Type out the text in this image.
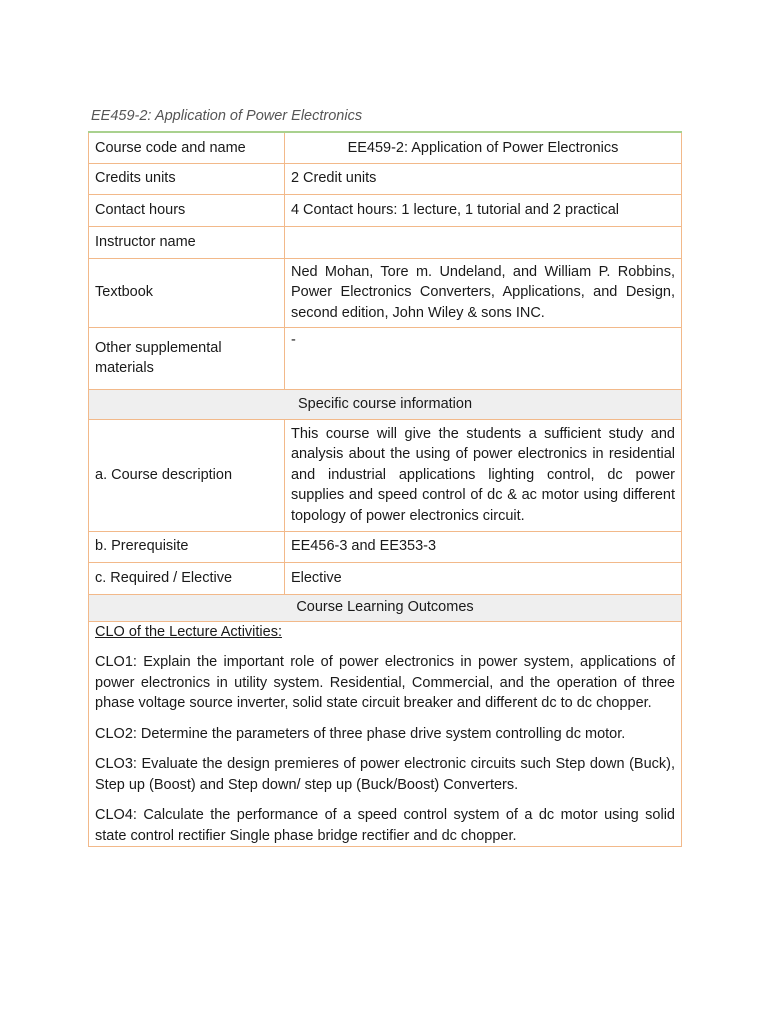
EE459-2: Application of Power Electronics
Course code and name	EE459-2: Application of Power Electronics
Credits units	2 Credit units
Contact hours	4 Contact hours: 1 lecture, 1 tutorial and 2 practical
Instructor name	
Textbook	Ned Mohan, Tore m. Undeland, and William P. Robbins, Power Electronics Converters, Applications, and Design, second edition, John Wiley & sons INC.
Other supplemental materials	-
Specific course information	
a. Course description	This course will give the students a sufficient study and analysis about the using of power electronics in residential and industrial applications lighting control, dc power supplies and speed control of dc & ac motor using different topology of power electronics circuit.
b. Prerequisite	EE456-3 and EE353-3
c. Required / Elective	Elective
Course Learning Outcomes	

CLO of the Lecture Activities:
CLO1: Explain the important role of power electronics in power system, applications of power electronics in utility system. Residential, Commercial, and the operation of three phase voltage source inverter, solid state circuit breaker and different dc to dc chopper.
CLO2: Determine the parameters of three phase drive system controlling dc motor.
CLO3: Evaluate the design premieres of power electronic circuits such Step down (Buck), Step up (Boost) and Step down/ step up (Buck/Boost) Converters.
CLO4: Calculate the performance of a speed control system of a dc motor using solid state control rectifier Single phase bridge rectifier and dc chopper.	
